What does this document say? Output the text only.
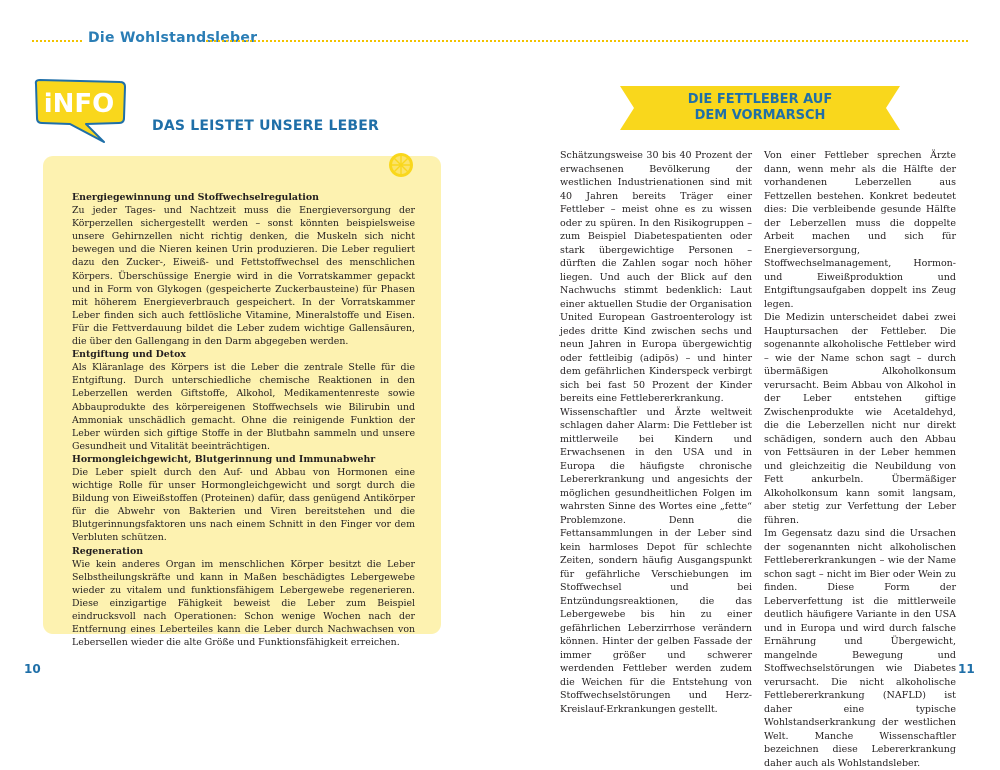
Die Wohlstandsleber
iNFO
DAS LEISTET UNSERE LEBER
Energiegewinnung und Stoffwechselregulation

Zu jeder Tages- und Nachtzeit muss die Energieversorgung der Körperzellen sichergestellt werden – sonst könnten beispielsweise unsere Gehirnzellen nicht richtig denken, die Muskeln sich nicht bewegen und die Nieren keinen Urin produzieren. Die Leber reguliert dazu den Zucker-, Eiweiß- und Fettstoffwechsel des menschlichen Körpers. Überschüssige Energie wird in die Vorratskammer gepackt und in Form von Glykogen (gespeicherte Zuckerbausteine) für Phasen mit höherem Energieverbrauch gespeichert. In der Vorratskammer Leber finden sich auch fettlösliche Vitamine, Mineralstoffe und Eisen. Für die Fettverdauung bildet die Leber zudem wichtige Gallensäuren, die über den Gallengang in den Darm abgegeben werden.

Entgiftung und Detox

Als Kläranlage des Körpers ist die Leber die zentrale Stelle für die Entgiftung. Durch unterschiedliche chemische Reaktionen in den Leberzellen werden Giftstoffe, Alkohol, Medikamentenreste sowie Abbauprodukte des körpereigenen Stoffwechsels wie Bilirubin und Ammoniak unschädlich gemacht. Ohne die reinigende Funktion der Leber würden sich giftige Stoffe in der Blutbahn sammeln und unsere Gesundheit und Vitalität beeinträchtigen.

Hormongleichgewicht, Blutgerinnung und Immunabwehr

Die Leber spielt durch den Auf- und Abbau von Hormonen eine wichtige Rolle für unser Hormongleichgewicht und sorgt durch die Bildung von Eiweißstoffen (Proteinen) dafür, dass genügend Antikörper für die Abwehr von Bakterien und Viren bereitstehen und die Blutgerinnungsfaktoren uns nach einem Schnitt in den Finger vor dem Verbluten schützen.

Regeneration

Wie kein anderes Organ im menschlichen Körper besitzt die Leber Selbstheilungskräfte und kann in Maßen beschädigtes Lebergewebe wieder zu vitalem und funktionsfähigem Lebergewebe regenerieren. Diese einzigartige Fähigkeit beweist die Leber zum Beispiel eindrucksvoll nach Operationen: Schon wenige Wochen nach der Entfernung eines Leberteiles kann die Leber durch Nachwachsen von Lebersellen wieder die alte Größe und Funktionsfähigkeit erreichen.

DIE FETTLEBER AUF
DEM VORMARSCH

Schätzungsweise 30 bis 40 Prozent der erwachsenen Bevölkerung der westlichen Industrienationen sind mit 40 Jahren bereits Träger einer Fettleber – meist ohne es zu wissen oder zu spüren. In den Risikogruppen – zum Beispiel Diabetespatienten oder stark übergewichtige Personen – dürften die Zahlen sogar noch höher liegen. Und auch der Blick auf den Nachwuchs stimmt bedenklich: Laut einer aktuellen Studie der Organisation United European Gastroenterology ist jedes dritte Kind zwischen sechs und neun Jahren in Europa übergewichtig oder fettleibig (adipös) – und hinter dem gefährlichen Kinderspeck verbirgt sich bei fast 50 Prozent der Kinder bereits eine Fettlebererkrankung.

Wissenschaftler und Ärzte weltweit schlagen daher Alarm: Die Fettleber ist mittlerweile bei Kindern und Erwachsenen in den USA und in Europa die häufigste chronische Lebererkrankung und angesichts der möglichen gesundheitlichen Folgen im wahrsten Sinne des Wortes eine „fette“ Problemzone. Denn die Fettansammlungen in der Leber sind kein harmloses Depot für schlechte Zeiten, sondern häufig Ausgangspunkt für gefährliche Verschiebungen im Stoffwechsel und bei Entzündungsreaktionen, die das Lebergewebe bis hin zu einer gefährlichen Leberzirrhose verändern können. Hinter der gelben Fassade der immer größer und schwerer werdenden Fettleber werden zudem die Weichen für die Entstehung von Stoffwechselstörungen und Herz-Kreislauf-Erkrankungen gestellt.

Von einer Fettleber sprechen Ärzte dann, wenn mehr als die Hälfte der vorhandenen Leberzellen aus Fettzellen bestehen. Konkret bedeutet dies: Die verbleibende gesunde Hälfte der Leberzellen muss die doppelte Arbeit machen und sich für Energieversorgung, Stoffwechselmanagement, Hormon- und Eiweißproduktion und Entgiftungsaufgaben doppelt ins Zeug legen.

Die Medizin unterscheidet dabei zwei Hauptursachen der Fettleber. Die sogenannte alkoholische Fettleber wird – wie der Name schon sagt – durch übermäßigen Alkoholkonsum verursacht. Beim Abbau von Alkohol in der Leber entstehen giftige Zwischenprodukte wie Acetaldehyd, die die Leberzellen nicht nur direkt schädigen, sondern auch den Abbau von Fettsäuren in der Leber hemmen und gleichzeitig die Neubildung von Fett ankurbeln. Übermäßiger Alkoholkonsum kann somit langsam, aber stetig zur Verfettung der Leber führen.

Im Gegensatz dazu sind die Ursachen der sogenannten nicht alkoholischen Fettlebererkrankungen – wie der Name schon sagt – nicht im Bier oder Wein zu finden. Diese Form der Leberverfettung ist die mittlerweile deutlich häufigere Variante in den USA und in Europa und wird durch falsche Ernährung und Übergewicht, mangelnde Bewegung und Stoffwechselstörungen wie Diabetes verursacht. Die nicht alkoholische Fettlebererkrankung (NAFLD) ist daher eine typische Wohlstandserkrankung der westlichen Welt. Manche Wissenschaftler bezeichnen diese Lebererkrankung daher auch als Wohlstandsleber.

10	11
